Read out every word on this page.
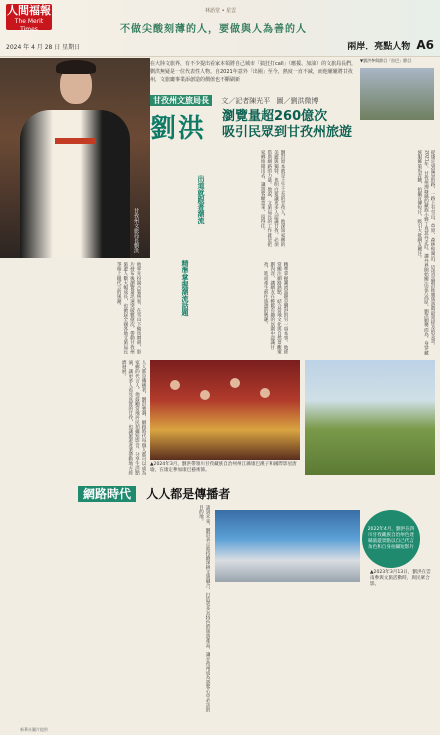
人間福報
The Merit Times
林語堂 • 星雲
不做尖酸刻薄的人，要做與人為善的人
2024 年 4 月 28 日 星期日	兩岸．亮點人物 A6
甘孜州文旅局長劉洪
在大陸文旅界，有不少提出看家本領將自己城市「搞狂打call」（應援、加油）的文旅局長們，劉洪無疑是一位代表性人物。自2021年意外「出圈」至今，熱度一直不減，而他屢屢將甘孜州，文旅廳事業添創造的價值也不斷刷新
▼劉洪參與節目「拉巴」節目
甘孜州文旅局長 文／記者陳光平 圖／劉洪微博
劉洪 瀏覽量超260億次
吸引民眾到甘孜州旅遊
從康定到溫泉的路，一路上有雪山、草原、森林和湖泊，這也是劉洪推廣旅遊時最常提及的美景。2021年，甘孜州理塘縣的藏族小夥丁真意外走紅，讓外界開始關注這片高原。劉洪順勢而為，身穿藏族服飾策馬奔騰，拍攝宣傳短片，吸引大批網友關注。
劉洪原本就是土生土長的甘孜人，他深知家鄉的美麗與獨特，也明白要讓更多人認識甘孜，必須借助網路的力量。他說，文旅局長的工作就是把家鄉推銷出去，讓遊客願意來、留得住。
出道就跟著潮流
他率先扮演古裝俠客，在雪山下騎馬舞劍，影片發布後瀏覽量迅速突破數億次，帶動甘孜州旅遊人數大幅成長，也掀起全國各地文旅局長爭相上鏡代言的風潮。	精準掌握潮流話題	精準掌握潮流話題是劉洪的另一項本事。他經常關注網路熱點，結合當地文化與自然景觀策劃內容，讓網友在輕鬆有趣的氛圍中認識甘孜，進而產生前往旅遊的興趣。
▲2024年3月，劉洪帶領川甘孜藏族自治州州江縣康巴漢子和國際影星唐瑜，在康定參加康巴藝術節。
人人都是傳播者，劉洪強調，網路時代每個人都可以成為家鄉的代言人。他鼓勵當地居民拍攝短影音，分享生活點滴，讓更多人看見真實的甘孜，也讓旅遊產業帶動地方經濟發展。
網路時代 人人都是傳播者
談到未來，劉洪表示將持續深耕文旅融合，打造更多具特色的旅遊產品，讓甘孜州成為遊客心中必訪的目的地。
2022年4月，劉洪在四川甘孜藏族自治州色達縣旅遊景點以自己代言角色和自身拍攝短影片
▲2023年3月13日，劉洪在雲南參與文旅活動時，與民眾合影。
新華社圖片提供
